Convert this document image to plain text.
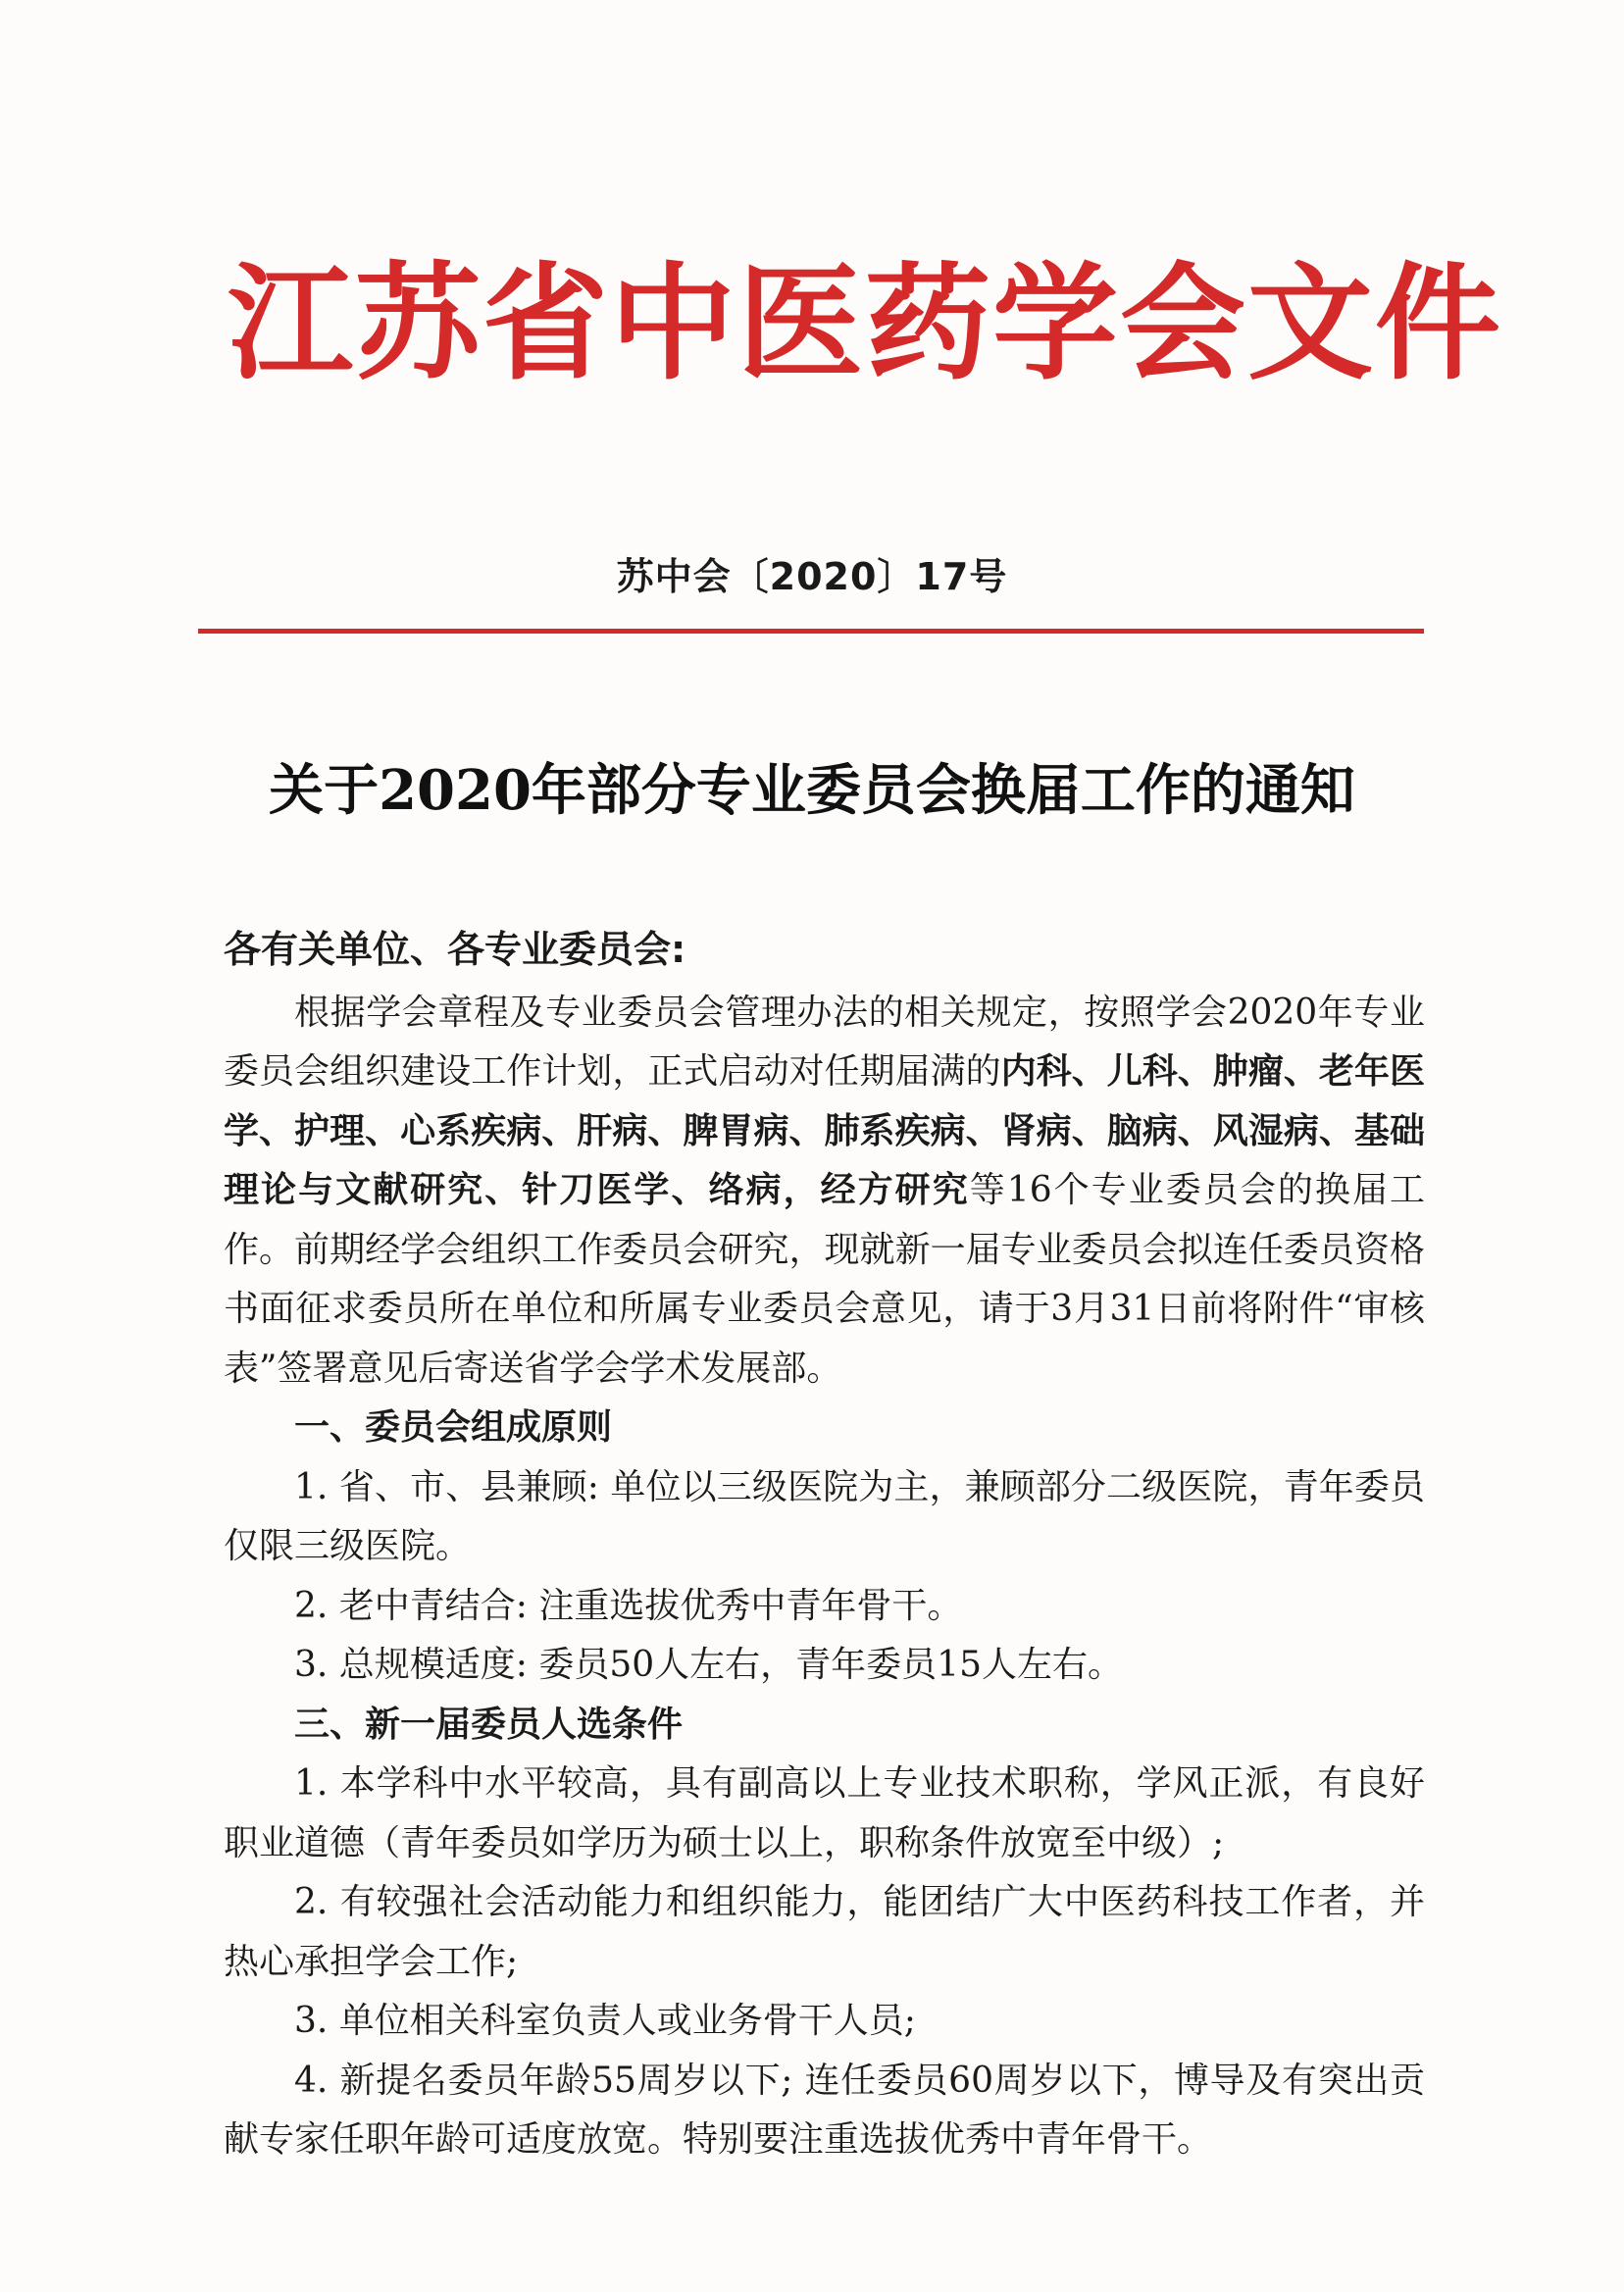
江苏省中医药学会文件
苏中会〔2020〕17号
关于2020年部分专业委员会换届工作的通知

各有关单位、各专业委员会:

根据学会章程及专业委员会管理办法的相关规定，按照学会2020年专业委员会组织建设工作计划，正式启动对任期届满的内科、儿科、肿瘤、老年医学、护理、心系疾病、肝病、脾胃病、肺系疾病、肾病、脑病、风湿病、基础理论与文献研究、针刀医学、络病，经方研究等16个专业委员会的换届工作。前期经学会组织工作委员会研究，现就新一届专业委员会拟连任委员资格书面征求委员所在单位和所属专业委员会意见，请于3月31日前将附件“审核表”签署意见后寄送省学会学术发展部。

一、委员会组成原则

1. 省、市、县兼顾: 单位以三级医院为主，兼顾部分二级医院，青年委员仅限三级医院。

2. 老中青结合: 注重选拔优秀中青年骨干。

3. 总规模适度: 委员50人左右，青年委员15人左右。

三、新一届委员人选条件

1. 本学科中水平较高，具有副高以上专业技术职称，学风正派，有良好职业道德（青年委员如学历为硕士以上，职称条件放宽至中级）;

2. 有较强社会活动能力和组织能力，能团结广大中医药科技工作者，并热心承担学会工作;

3. 单位相关科室负责人或业务骨干人员;

4. 新提名委员年龄55周岁以下; 连任委员60周岁以下，博导及有突出贡献专家任职年龄可适度放宽。特别要注重选拔优秀中青年骨干。
